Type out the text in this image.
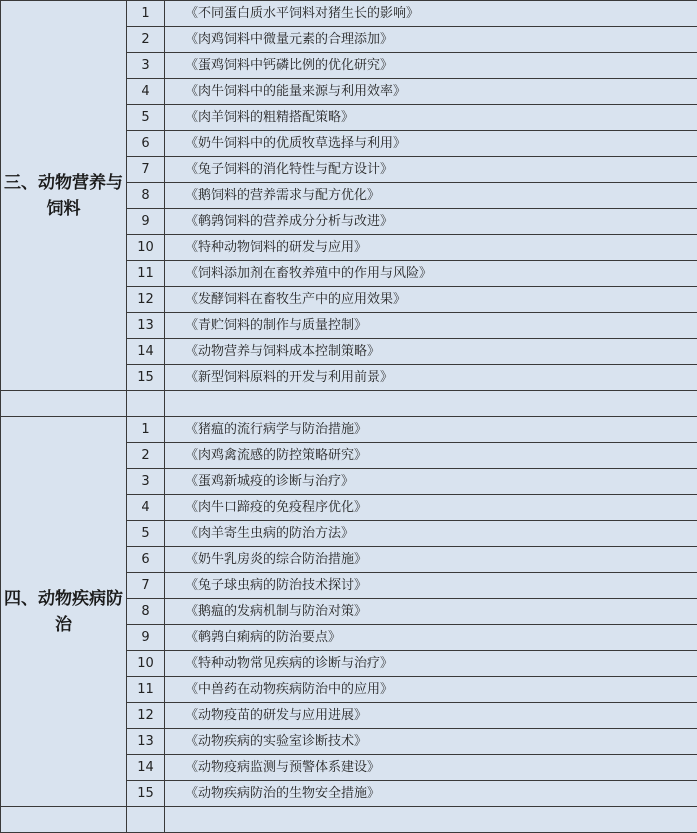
三、动物营养与饲料	1	《不同蛋白质水平饲料对猪生长的影响》
	2	《肉鸡饲料中微量元素的合理添加》
	3	《蛋鸡饲料中钙磷比例的优化研究》
	4	《肉牛饲料中的能量来源与利用效率》
	5	《肉羊饲料的粗精搭配策略》
	6	《奶牛饲料中的优质牧草选择与利用》
	7	《兔子饲料的消化特性与配方设计》
	8	《鹅饲料的营养需求与配方优化》
	9	《鹌鹑饲料的营养成分分析与改进》
	10	《特种动物饲料的研发与应用》
	11	《饲料添加剂在畜牧养殖中的作用与风险》
	12	《发酵饲料在畜牧生产中的应用效果》
	13	《青贮饲料的制作与质量控制》
	14	《动物营养与饲料成本控制策略》
	15	《新型饲料原料的开发与利用前景》

四、动物疾病防治	1	《猪瘟的流行病学与防治措施》
	2	《肉鸡禽流感的防控策略研究》
	3	《蛋鸡新城疫的诊断与治疗》
	4	《肉牛口蹄疫的免疫程序优化》
	5	《肉羊寄生虫病的防治方法》
	6	《奶牛乳房炎的综合防治措施》
	7	《兔子球虫病的防治技术探讨》
	8	《鹅瘟的发病机制与防治对策》
	9	《鹌鹑白痢病的防治要点》
	10	《特种动物常见疾病的诊断与治疗》
	11	《中兽药在动物疾病防治中的应用》
	12	《动物疫苗的研发与应用进展》
	13	《动物疾病的实验室诊断技术》
	14	《动物疫病监测与预警体系建设》
	15	《动物疾病防治的生物安全措施》
